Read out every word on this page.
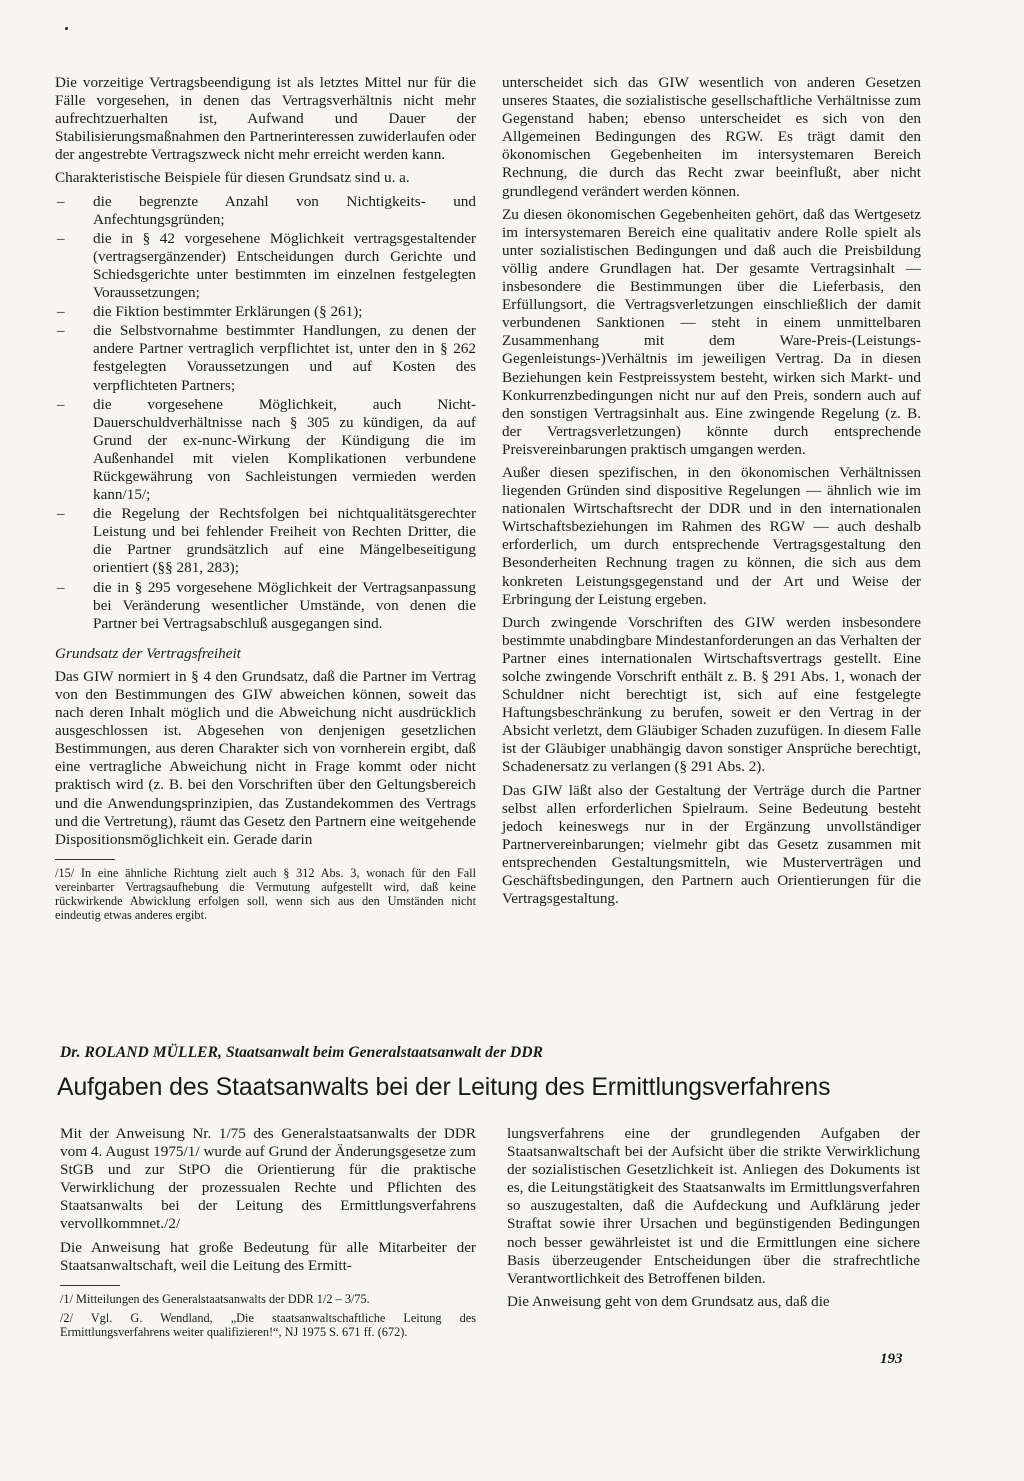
Die vorzeitige Vertragsbeendigung ist als letztes Mittel nur für die Fälle vorgesehen, in denen das Vertragsverhältnis nicht mehr aufrechtzuerhalten ist, Aufwand und Dauer der Stabilisierungsmaßnahmen den Partnerinteressen zuwiderlaufen oder der angestrebte Vertragszweck nicht mehr erreicht werden kann.

Charakteristische Beispiele für diesen Grundsatz sind u. a.

– die begrenzte Anzahl von Nichtigkeits- und Anfechtungsgründen;
– die in § 42 vorgesehene Möglichkeit vertragsgestaltender (vertragsergänzender) Entscheidungen durch Gerichte und Schiedsgerichte unter bestimmten im einzelnen festgelegten Voraussetzungen;
– die Fiktion bestimmter Erklärungen (§ 261);
– die Selbstvornahme bestimmter Handlungen, zu denen der andere Partner vertraglich verpflichtet ist, unter den in § 262 festgelegten Voraussetzungen und auf Kosten des verpflichteten Partners;
– die vorgesehene Möglichkeit, auch Nicht-Dauerschuldverhältnisse nach § 305 zu kündigen, da auf Grund der ex-nunc-Wirkung der Kündigung die im Außenhandel mit vielen Komplikationen verbundene Rückgewährung von Sachleistungen vermieden werden kann/15/;
– die Regelung der Rechtsfolgen bei nichtqualitätsgerechter Leistung und bei fehlender Freiheit von Rechten Dritter, die die Partner grundsätzlich auf eine Mängelbeseitigung orientiert (§§ 281, 283);
– die in § 295 vorgesehene Möglichkeit der Vertragsanpassung bei Veränderung wesentlicher Umstände, von denen die Partner bei Vertragsabschluß ausgegangen sind.
Grundsatz der Vertragsfreiheit

Das GIW normiert in § 4 den Grundsatz, daß die Partner im Vertrag von den Bestimmungen des GIW abweichen können, soweit das nach deren Inhalt möglich und die Abweichung nicht ausdrücklich ausgeschlossen ist. Abgesehen von denjenigen gesetzlichen Bestimmungen, aus deren Charakter sich von vornherein ergibt, daß eine vertragliche Abweichung nicht in Frage kommt oder nicht praktisch wird (z. B. bei den Vorschriften über den Geltungsbereich und die Anwendungsprinzipien, das Zustandekommen des Vertrags und die Vertretung), räumt das Gesetz den Partnern eine weitgehende Dispositionsmöglichkeit ein. Gerade darin

/15/ In eine ähnliche Richtung zielt auch § 312 Abs. 3, wonach für den Fall vereinbarter Vertragsaufhebung die Vermutung aufgestellt wird, daß keine rückwirkende Abwicklung erfolgen soll, wenn sich aus den Umständen nicht eindeutig etwas anderes ergibt.

unterscheidet sich das GIW wesentlich von anderen Gesetzen unseres Staates, die sozialistische gesellschaftliche Verhältnisse zum Gegenstand haben; ebenso unterscheidet es sich von den Allgemeinen Bedingungen des RGW. Es trägt damit den ökonomischen Gegebenheiten im intersystemaren Bereich Rechnung, die durch das Recht zwar beeinflußt, aber nicht grundlegend verändert werden können.

Zu diesen ökonomischen Gegebenheiten gehört, daß das Wertgesetz im intersystemaren Bereich eine qualitativ andere Rolle spielt als unter sozialistischen Bedingungen und daß auch die Preisbildung völlig andere Grundlagen hat. Der gesamte Vertragsinhalt — insbesondere die Bestimmungen über die Lieferbasis, den Erfüllungsort, die Vertragsverletzungen einschließlich der damit verbundenen Sanktionen — steht in einem unmittelbaren Zusammenhang mit dem Ware-Preis-(Leistungs-Gegenleistungs-)Verhältnis im jeweiligen Vertrag. Da in diesen Beziehungen kein Festpreissystem besteht, wirken sich Markt- und Konkurrenzbedingungen nicht nur auf den Preis, sondern auch auf den sonstigen Vertragsinhalt aus. Eine zwingende Regelung (z. B. der Vertragsverletzungen) könnte durch entsprechende Preisvereinbarungen praktisch umgangen werden.

Außer diesen spezifischen, in den ökonomischen Verhältnissen liegenden Gründen sind dispositive Regelungen — ähnlich wie im nationalen Wirtschaftsrecht der DDR und in den internationalen Wirtschaftsbeziehungen im Rahmen des RGW — auch deshalb erforderlich, um durch entsprechende Vertragsgestaltung den Besonderheiten Rechnung tragen zu können, die sich aus dem konkreten Leistungsgegenstand und der Art und Weise der Erbringung der Leistung ergeben.

Durch zwingende Vorschriften des GIW werden insbesondere bestimmte unabdingbare Mindestanforderungen an das Verhalten der Partner eines internationalen Wirtschaftsvertrags gestellt. Eine solche zwingende Vorschrift enthält z. B. § 291 Abs. 1, wonach der Schuldner nicht berechtigt ist, sich auf eine festgelegte Haftungsbeschränkung zu berufen, soweit er den Vertrag in der Absicht verletzt, dem Gläubiger Schaden zuzufügen. In diesem Falle ist der Gläubiger unabhängig davon sonstiger Ansprüche berechtigt, Schadenersatz zu verlangen (§ 291 Abs. 2).

Das GIW läßt also der Gestaltung der Verträge durch die Partner selbst allen erforderlichen Spielraum. Seine Bedeutung besteht jedoch keineswegs nur in der Ergänzung unvollständiger Partnervereinbarungen; vielmehr gibt das Gesetz zusammen mit entsprechenden Gestaltungsmitteln, wie Musterverträgen und Geschäftsbedingungen, den Partnern auch Orientierungen für die Vertragsgestaltung.

Dr. ROLAND MÜLLER, Staatsanwalt beim Generalstaatsanwalt der DDR
Aufgaben des Staatsanwalts bei der Leitung des Ermittlungsverfahrens

Mit der Anweisung Nr. 1/75 des Generalstaatsanwalts der DDR vom 4. August 1975/1/ wurde auf Grund der Änderungsgesetze zum StGB und zur StPO die Orientierung für die praktische Verwirklichung der prozessualen Rechte und Pflichten des Staatsanwalts bei der Leitung des Ermittlungsverfahrens vervollkommnet./2/

Die Anweisung hat große Bedeutung für alle Mitarbeiter der Staatsanwaltschaft, weil die Leitung des Ermitt-

/1/ Mitteilungen des Generalstaatsanwalts der DDR 1/2 – 3/75.

/2/ Vgl. G. Wendland, „Die staatsanwaltschaftliche Leitung des Ermittlungsverfahrens weiter qualifizieren!“, NJ 1975 S. 671 ff. (672).

lungsverfahrens eine der grundlegenden Aufgaben der Staatsanwaltschaft bei der Aufsicht über die strikte Verwirklichung der sozialistischen Gesetzlichkeit ist. Anliegen des Dokuments ist es, die Leitungstätigkeit des Staatsanwalts im Ermittlungsverfahren so auszugestalten, daß die Aufdeckung und Aufklärung jeder Straftat sowie ihrer Ursachen und begünstigenden Bedingungen noch besser gewährleistet ist und die Ermittlungen eine sichere Basis überzeugender Entscheidungen über die strafrechtliche Verantwortlichkeit des Betroffenen bilden.

Die Anweisung geht von dem Grundsatz aus, daß die

193
